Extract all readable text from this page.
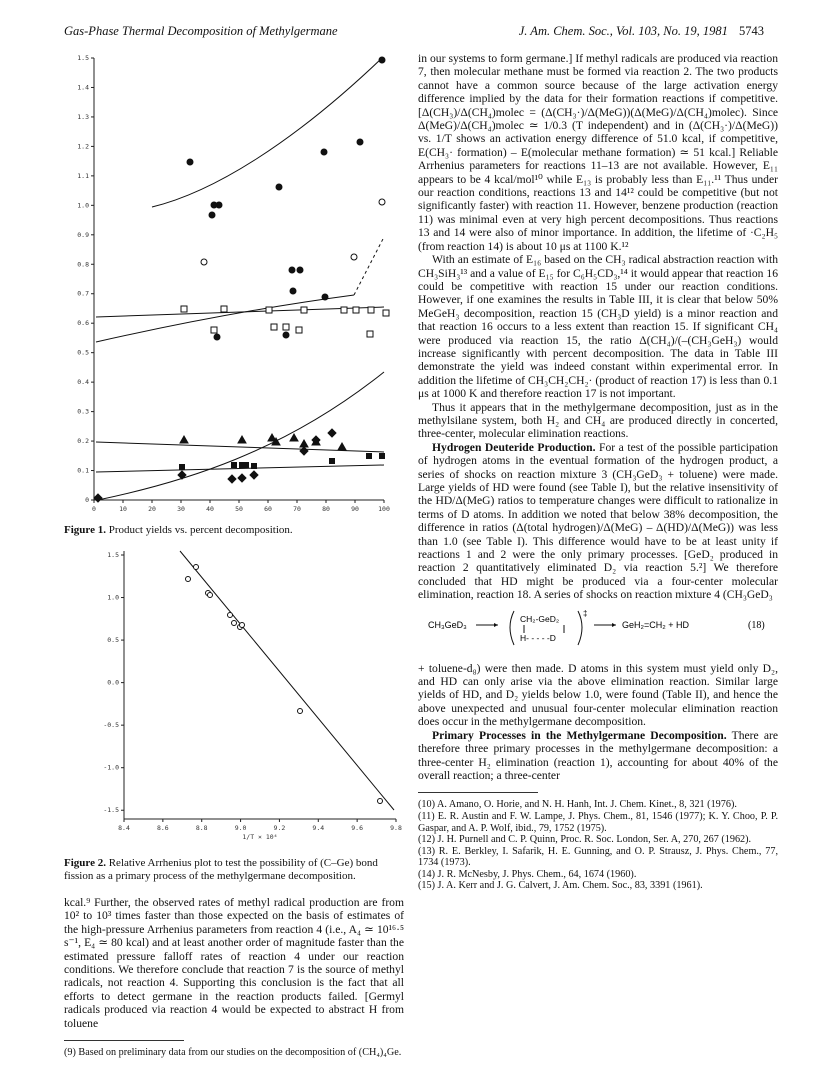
Gas-Phase Thermal Decomposition of Methylgermane	J. Am. Chem. Soc., Vol. 103, No. 19, 1981 5743
0
0.1
0.2
0.3
0.4
0.5
0.6
0.7
0.8
0.9
1.0
1.1
1.2
1.3
1.4
1.5
0	10	20	30	40	50	60	70	80	90	100
Figure 1. Product yields vs. percent decomposition.
1.5
1.0
0.5
0.0
-0.5
-1.0
-1.5
8.4	8.6	8.8	9.0	9.2	9.4	9.6	9.8
1/T × 10⁴
Figure 2. Relative Arrhenius plot to test the possibility of (C–Ge) bond fission as a primary process of the methylgermane decomposition.

kcal.⁹ Further, the observed rates of methyl radical production are from 10² to 10³ times faster than those expected on the basis of estimates of the high-pressure Arrhenius parameters from reaction 4 (i.e., A₄ ≃ 10¹⁶·⁵ s⁻¹, E₄ ≃ 80 kcal) and at least another order of magnitude faster than the estimated pressure falloff rates of reaction 4 under our reaction conditions. We therefore conclude that reaction 7 is the source of methyl radicals, not reaction 4. Supporting this conclusion is the fact that all efforts to detect germane in the reaction products failed. [Germyl radicals produced via reaction 4 would be expected to abstract H from toluene

(9) Based on preliminary data from our studies on the decomposition of (CH₄)₄Ge.

in our systems to form germane.] If methyl radicals are produced via reaction 7, then molecular methane must be formed via reaction 2. The two products cannot have a common source because of the large activation energy difference implied by the data for their formation reactions if competitive. [Δ(CH₃)/Δ(CH₄)molec = (Δ(CH₃·)/Δ(MeG))(Δ(MeG)/Δ(CH₄)molec). Since Δ(MeG)/Δ(CH₄)molec ≃ 1/0.3 (T independent) and in (Δ(CH₃·)/Δ(MeG)) vs. 1/T shows an activation energy difference of 51.0 kcal, if competitive, E(CH₃· formation) – E(molecular methane formation) ≃ 51 kcal.] Reliable Arrhenius parameters for reactions 11–13 are not available. However, E₁₁ appears to be 4 kcal/mol¹⁰ while E₁₃ is probably less than E₁₁.¹¹ Thus under our reaction conditions, reactions 13 and 14¹² could be competitive (but not significantly faster) with reaction 11. However, benzene production (reaction 11) was minimal even at very high percent decompositions. Thus reactions 13 and 14 were also of minor importance. In addition, the lifetime of ·C₂H₅ (from reaction 14) is about 10 μs at 1100 K.¹²

With an estimate of E₁₆ based on the CH₃ radical abstraction reaction with CH₃SiH₃¹³ and a value of E₁₅ for C₆H₅CD₃,¹⁴ it would appear that reaction 16 could be competitive with reaction 15 under our reaction conditions. However, if one examines the results in Table III, it is clear that below 50% MeGeH₃ decomposition, reaction 15 (CH₃D yield) is a minor reaction and that reaction 16 occurs to a less extent than reaction 15. If significant CH₄ were produced via reaction 15, the ratio Δ(CH₄)/(–(CH₃GeH₃) would increase significantly with percent decomposition. The data in Table III demonstrate the yield was indeed constant within experimental error. In addition the lifetime of CH₃CH₂CH₂· (product of reaction 17) is less than 0.1 μs at 1000 K and therefore reaction 17 is not important.

Thus it appears that in the methylgermane decomposition, just as in the methylsilane system, both H₂ and CH₄ are produced directly in concerted, three-center, molecular elimination reactions.

Hydrogen Deuteride Production. For a test of the possible participation of hydrogen atoms in the eventual formation of the hydrogen product, a series of shocks on reaction mixture 3 (CH₃GeD₃ + toluene) were made. Large yields of HD were found (see Table I), but the relative insensitivity of the HD/Δ(MeG) ratios to temperature changes were difficult to rationalize in terms of D atoms. In addition we noted that below 38% decomposition, the difference in ratios (Δ(total hydrogen)/Δ(MeG) – Δ(HD)/Δ(MeG)) was less than 1.0 (see Table I). This difference would have to be at least unity if reactions 1 and 2 were the only primary processes. [GeD₂ produced in reaction 2 quantitatively eliminated D₂ via reaction 5.²] We therefore concluded that HD might be produced via a four-center molecular elimination, reaction 18. A series of shocks on reaction mixture 4 (CH₃GeD₃

CH₃GeD₃
CH₂-GeD₂
H- - - - -D
‡
GeH₂=CH₂ + HD	(18)

+ toluene-d₈) were then made. D atoms in this system must yield only D₂, and HD can only arise via the above elimination reaction. Similar large yields of HD, and D₂ yields below 1.0, were found (Table II), and hence the above unexpected and unusual four-center molecular elimination reaction does occur in the methylgermane decomposition.

Primary Processes in the Methylgermane Decomposition. There are therefore three primary processes in the methylgermane decomposition: a three-center H₂ elimination (reaction 1), accounting for about 40% of the overall reaction; a three-center

(10) A. Amano, O. Horie, and N. H. Hanh, Int. J. Chem. Kinet., 8, 321 (1976).

(11) E. R. Austin and F. W. Lampe, J. Phys. Chem., 81, 1546 (1977); K. Y. Choo, P. P. Gaspar, and A. P. Wolf, ibid., 79, 1752 (1975).

(12) J. H. Purnell and C. P. Quinn, Proc. R. Soc. London, Ser. A, 270, 267 (1962).

(13) R. E. Berkley, I. Safarik, H. E. Gunning, and O. P. Strausz, J. Phys. Chem., 77, 1734 (1973).

(14) J. R. McNesby, J. Phys. Chem., 64, 1674 (1960).

(15) J. A. Kerr and J. G. Calvert, J. Am. Chem. Soc., 83, 3391 (1961).
